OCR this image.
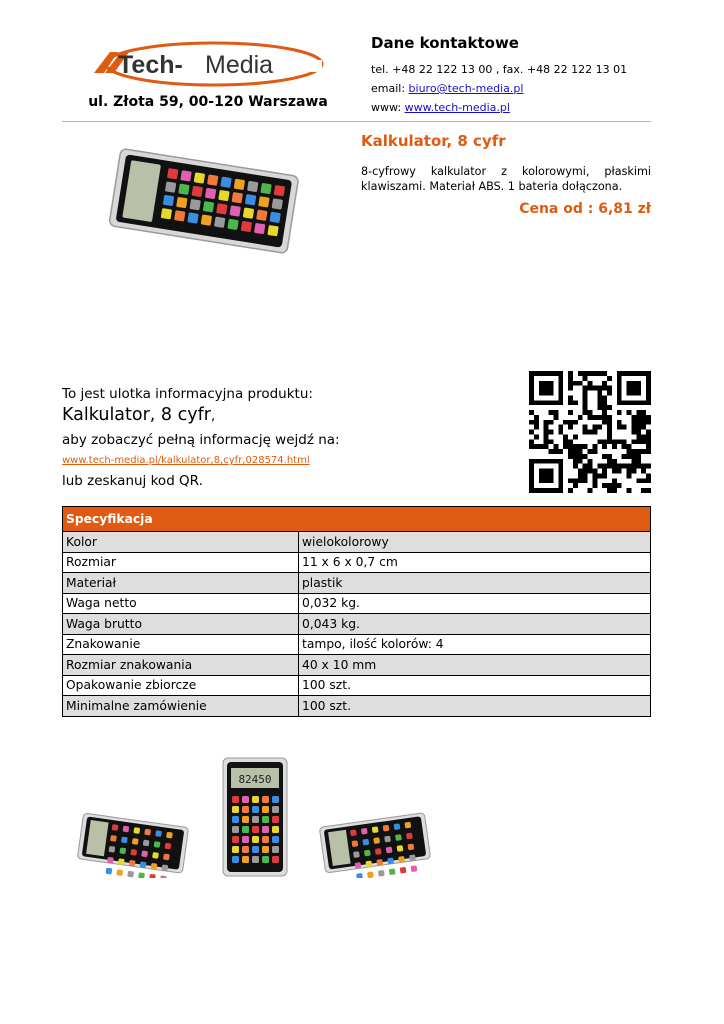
Tech- Media
ul. Złota 59, 00-120 Warszawa
Dane kontaktowe
tel. +48 22 122 13 00 , fax. +48 22 122 13 01
email: biuro@tech-media.pl
www: www.tech-media.pl
Kalkulator, 8 cyfr
8-cyfrowy kalkulator z kolorowymi, płaskimi klawiszami. Materiał ABS. 1 bateria dołączona.
Cena od : 6,81 zł
To jest ulotka informacyjna produktu:
Kalkulator, 8 cyfr,
aby zobaczyć pełną informację wejdź na:
www.tech-media.pl/kalkulator,8,cyfr,028574.html
lub zeskanuj kod QR.
Specyfikacja	
Kolor	wielokolorowy
Rozmiar	11 x 6 x 0,7 cm
Materiał	plastik
Waga netto	0,032 kg.
Waga brutto	0,043 kg.
Znakowanie	tampo, ilość kolorów: 4
Rozmiar znakowania	40 x 10 mm
Opakowanie zbiorcze	100 szt.
Minimalne zamówienie	100 szt.
82450
